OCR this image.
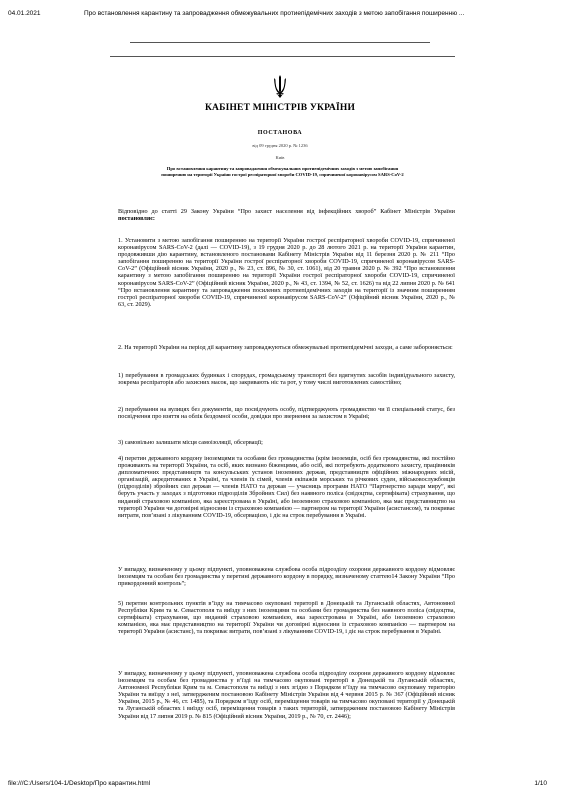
04.01.2021	Про встановлення карантину та запровадження обмежувальних протиепідемічних заходів з метою запобігання поширенню ...
КАБІНЕТ МІНІСТРІВ УКРАЇНИ
ПОСТАНОВА
від 09 грудня 2020 р. № 1236
Київ
Про встановлення карантину та запровадження обмежувальних протиепідемічних заходів з метою запобігання поширенню на території України гострої респіраторної хвороби COVID-19, спричиненої коронавірусом SARS-CoV-2
Відповідно до статті 29 Закону України “Про захист населення від інфекційних хвороб” Кабінет Міністрів України постановляє:
1. Установити з метою запобігання поширенню на території України гострої респіраторної хвороби COVID-19, спричиненої коронавірусом SARS-CoV-2 (далі — COVID-19), з 19 грудня 2020 р. до 28 лютого 2021 р. на території України карантин, продовживши дію карантину, встановленого постановами Кабінету Міністрів України від 11 березня 2020 р. № 211 “Про запобігання поширенню на території України гострої респіраторної хвороби COVID-19, спричиненої коронавірусом SARS-CoV-2” (Офіційний вісник України, 2020 р., № 23, ст. 896, № 30, ст. 1061), від 20 травня 2020 р. № 392 “Про встановлення карантину з метою запобігання поширенню на території України гострої респіраторної хвороби COVID-19, спричиненої коронавірусом SARS-CoV-2” (Офіційний вісник України, 2020 р., № 43, ст. 1394, № 52, ст. 1626) та від 22 липня 2020 р. № 641 “Про встановлення карантину та запровадження посилених протиепідемічних заходів на території із значним поширенням гострої респіраторної хвороби COVID-19, спричиненої коронавірусом SARS-CoV-2” (Офіційний вісник України, 2020 р., № 63, ст. 2029).
2. На території України на період дії карантину запроваджуються обмежувальні протиепідемічні заходи, а саме забороняється:
1) перебування в громадських будинках і спорудах, громадському транспорті без вдягнутих засобів індивідуального захисту, зокрема респіраторів або захисних масок, що закривають ніс та рот, у тому числі виготовлених самостійно;
2) перебування на вулицях без документів, що посвідчують особу, підтверджують громадянство чи її спеціальний статус, без посвідчення про взяття на облік бездомної особи, довідки про звернення за захистом в Україні;
3) самовільно залишати місця самоізоляції, обсервації;
4) перетин державного кордону іноземцями та особами без громадянства (крім іноземців, осіб без громадянства, які постійно проживають на території України, та осіб, яких визнано біженцями, або осіб, які потребують додаткового захисту, працівників дипломатичних представництв та консульських установ іноземних держав, представництв офіційних міжнародних місій, організацій, акредитованих в Україні, та членів їх сімей, членів екіпажів морських та річкових суден, військовослужбовців (підрозділів) збройних сил держав — членів НАТО та держав — учасниць програми НАТО “Партнерство заради миру”, які беруть участь у заходах з підготовки підрозділів Збройних Сил) без наявного поліса (свідоцтва, сертифіката) страхування, що виданий страховою компанією, яка зареєстрована в Україні, або іноземною страховою компанією, яка має представництво на території України чи договірні відносини із страховою компанією — партнером на території України (асистансом), та покриває витрати, пов’язані з лікуванням COVID-19, обсервацією, і діє на строк перебування в Україні.
У випадку, визначеному у цьому підпункті, уповноважена службова особа підрозділу охорони державного кордону відмовляє іноземцям та особам без громадянства у перетині державного кордону в порядку, визначеному статтею14 Закону України “Про прикордонний контроль”;
5) перетин контрольних пунктів в’їзду на тимчасово окуповані території в Донецькій та Луганській областях, Автономної Республіки Крим та м. Севастополя та виїзду з них іноземцями та особами без громадянства без наявного поліса (свідоцтва, сертифіката) страхування, що виданий страховою компанією, яка зареєстрована в Україні, або іноземною страховою компанією, яка має представництво на території України чи договірні відносини із страховою компанією — партнером на території України (асистанс), та покриває витрати, пов’язані з лікуванням COVID-19, і діє на строк перебування в Україні.
У випадку, визначеному у цьому підпункті, уповноважена службова особа підрозділу охорони державного кордону відмовляє іноземцям та особам без громадянства у в’їзді на тимчасово окуповані території в Донецькій та Луганській областях, Автономної Республіки Крим та м. Севастополя та виїзді з них згідно з Порядком в’їзду на тимчасово окуповану територію України та виїзду з неї, затвердженим постановою Кабінету Міністрів України від 4 червня 2015 р. № 367 (Офіційний вісник України, 2015 р., № 46, ст. 1485), та Порядком в’їзду осіб, переміщення товарів на тимчасово окуповані території у Донецькій та Луганській областях і виїзду осіб, переміщення товарів з таких територій, затвердженим постановою Кабінету Міністрів України від 17 липня 2019 р. № 815 (Офіційний вісник України, 2019 р., № 70, ст. 2446);
file:///C:/Users/104-1/Desktop/Про карантин.html	1/10
